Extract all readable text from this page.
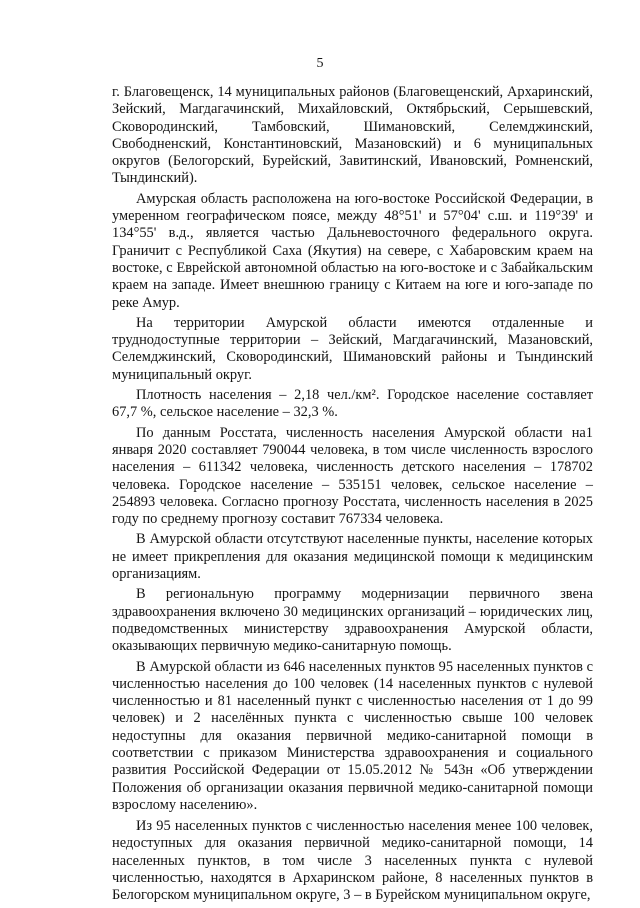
5

г. Благовещенск, 14 муниципальных районов (Благовещенский, Архаринский, Зейский, Магдагачинский, Михайловский, Октябрьский, Серышевский, Сковородинский, Тамбовский, Шимановский, Селемджинский, Свободненский, Константиновский, Мазановский) и 6 муниципальных округов (Белогорский, Бурейский, Завитинский, Ивановский, Ромненский, Тындинский).

Амурская область расположена на юго-востоке Российской Федерации, в умеренном географическом поясе, между 48°51' и 57°04' с.ш. и 119°39' и 134°55' в.д., является частью Дальневосточного федерального округа. Граничит с Республикой Саха (Якутия) на севере, с Хабаровским краем на востоке, с Еврейской автономной областью на юго-востоке и с Забайкальским краем на западе. Имеет внешнюю границу с Китаем на юге и юго-западе по реке Амур.

На территории Амурской области имеются отдаленные и труднодоступные территории – Зейский, Магдагачинский, Мазановский, Селемджинский, Сковородинский, Шимановский районы и Тындинский муниципальный округ.

Плотность населения – 2,18 чел./км². Городское население составляет 67,7 %, сельское население – 32,3 %.

По данным Росстата, численность населения Амурской области на1 января 2020 составляет 790044 человека, в том числе численность взрослого населения – 611342 человека, численность детского населения – 178702 человека. Городское население – 535151 человек, сельское население – 254893 человека. Согласно прогнозу Росстата, численность населения в 2025 году по среднему прогнозу составит 767334 человека.

В Амурской области отсутствуют населенные пункты, население которых не имеет прикрепления для оказания медицинской помощи к медицинским организациям.

В региональную программу модернизации первичного звена здравоохранения включено 30 медицинских организаций – юридических лиц, подведомственных министерству здравоохранения Амурской области, оказывающих первичную медико-санитарную помощь.

В Амурской области из 646 населенных пунктов 95 населенных пунктов с численностью населения до 100 человек (14 населенных пунктов с нулевой численностью и 81 населенный пункт с численностью населения от 1 до 99 человек) и 2 населённых пункта с численностью свыше 100 человек недоступны для оказания первичной медико-санитарной помощи в соответствии с приказом Министерства здравоохранения и социального развития Российской Федерации от 15.05.2012 № 543н «Об утверждении Положения об организации оказания первичной медико-санитарной помощи взрослому населению».

Из 95 населенных пунктов с численностью населения менее 100 человек, недоступных для оказания первичной медико-санитарной помощи, 14 населенных пунктов, в том числе 3 населенных пункта с нулевой численностью, находятся в Архаринском районе, 8 населенных пунктов в Белогорском муниципальном округе, 3 – в Бурейском муниципальном округе,
